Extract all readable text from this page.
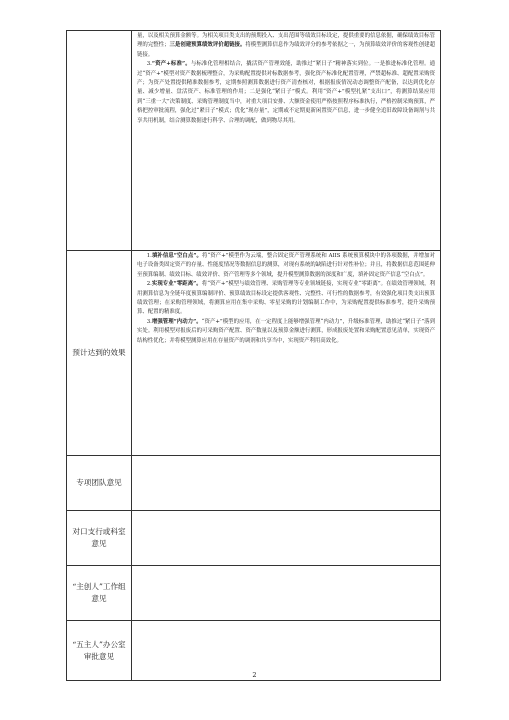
	量，以及相关预算金额等。为相关项目类支出的预期投入、支出范围等绩效目标设定，提供重要的信息依据，确保绩效目标管理的完整性；三是创建预算绩效评价超链接。将模型测算信息作为绩效评分的参考依据之一，为预算绩效评价的客观性创建超链接。

3.“资产+标准”。与标准化管理相结合，撬活资产管理效能，助推过“紧日子”精神落实到位。一是推进标准化管理。通过“资产+”模型对资产数据梳理整合，为采购配置提供对标数据参考，强化资产标准化配置管理，严禁超标准、超配置采购资产；为资产处置提供精准数据参考，定期参照测算数据进行资产清查核对，根据报废情况动态调整资产配备，以达到优化存量、减少增量、盘活资产、标准管理的作用；二是强化“紧日子”模式。利用“资产+”模型扎紧“支出口”，将测算结果应用到“三重一大”决策制度、采购管理制度当中，对重大项目安排、大额资金使用严格按照程序标准执行，严格控制采购预算，严格把控审批流程，强化过“紧日子”模式；优化“现存量”，定期或不定期更新闲置资产信息，进一步健全追旧故障设备调剂与共享共用机制，结合测算数据进行科学、合理的调配，做到物尽其用。

预计达到的效果	1.填补信息“空白点”。将“资产+”模型作为云端，整合固定资产管理系统和 AIIS 系统预算模块中的各项数据，并增加对电子设备类固定资产的存量、性能度情况等数据信息的测算，对现有系统的缺陷进行针对性补位；并且，将数据信息范围延伸至预算编制、绩效目标、绩效评价、资产管理等多个领域，提升模型测算数据的深度和广度，填补固定资产信息“空白点”。

2.实现专业“零距离”。将“资产+”模型与绩效管理、采购管理等专业领域链接，实现专业“零距离”。在绩效管理领域，利用测算信息为全链年度预算编制评价、预算绩效目标设定提供客观性、完整性、可行性的数据参考，有效强化项目类支出预算绩效管理；在采购管理领域，将测算应用在集中采购、零星采购的计划编制工作中，为采购配置提供标准参考，提升采购预算、配置的精准度。

3.增强管理“内动力”。“资产+”模型的应用，在一定程度上能够增强管理“内动力”，升级标准管理，助推过“紧日子”落到实处。利用模型对报废后的可采购资产配置、资产数量以及预算金额进行测算，形成报废处置和采购配置意见清单，实现资产结构性优化；并将模型测算应用在存量资产的调剂和共享当中，实现资产利用高效化。

专项团队意见	
对口支行或科室意见	
“主创人”工作组意见	
“五主人”办公室审批意见	
2
